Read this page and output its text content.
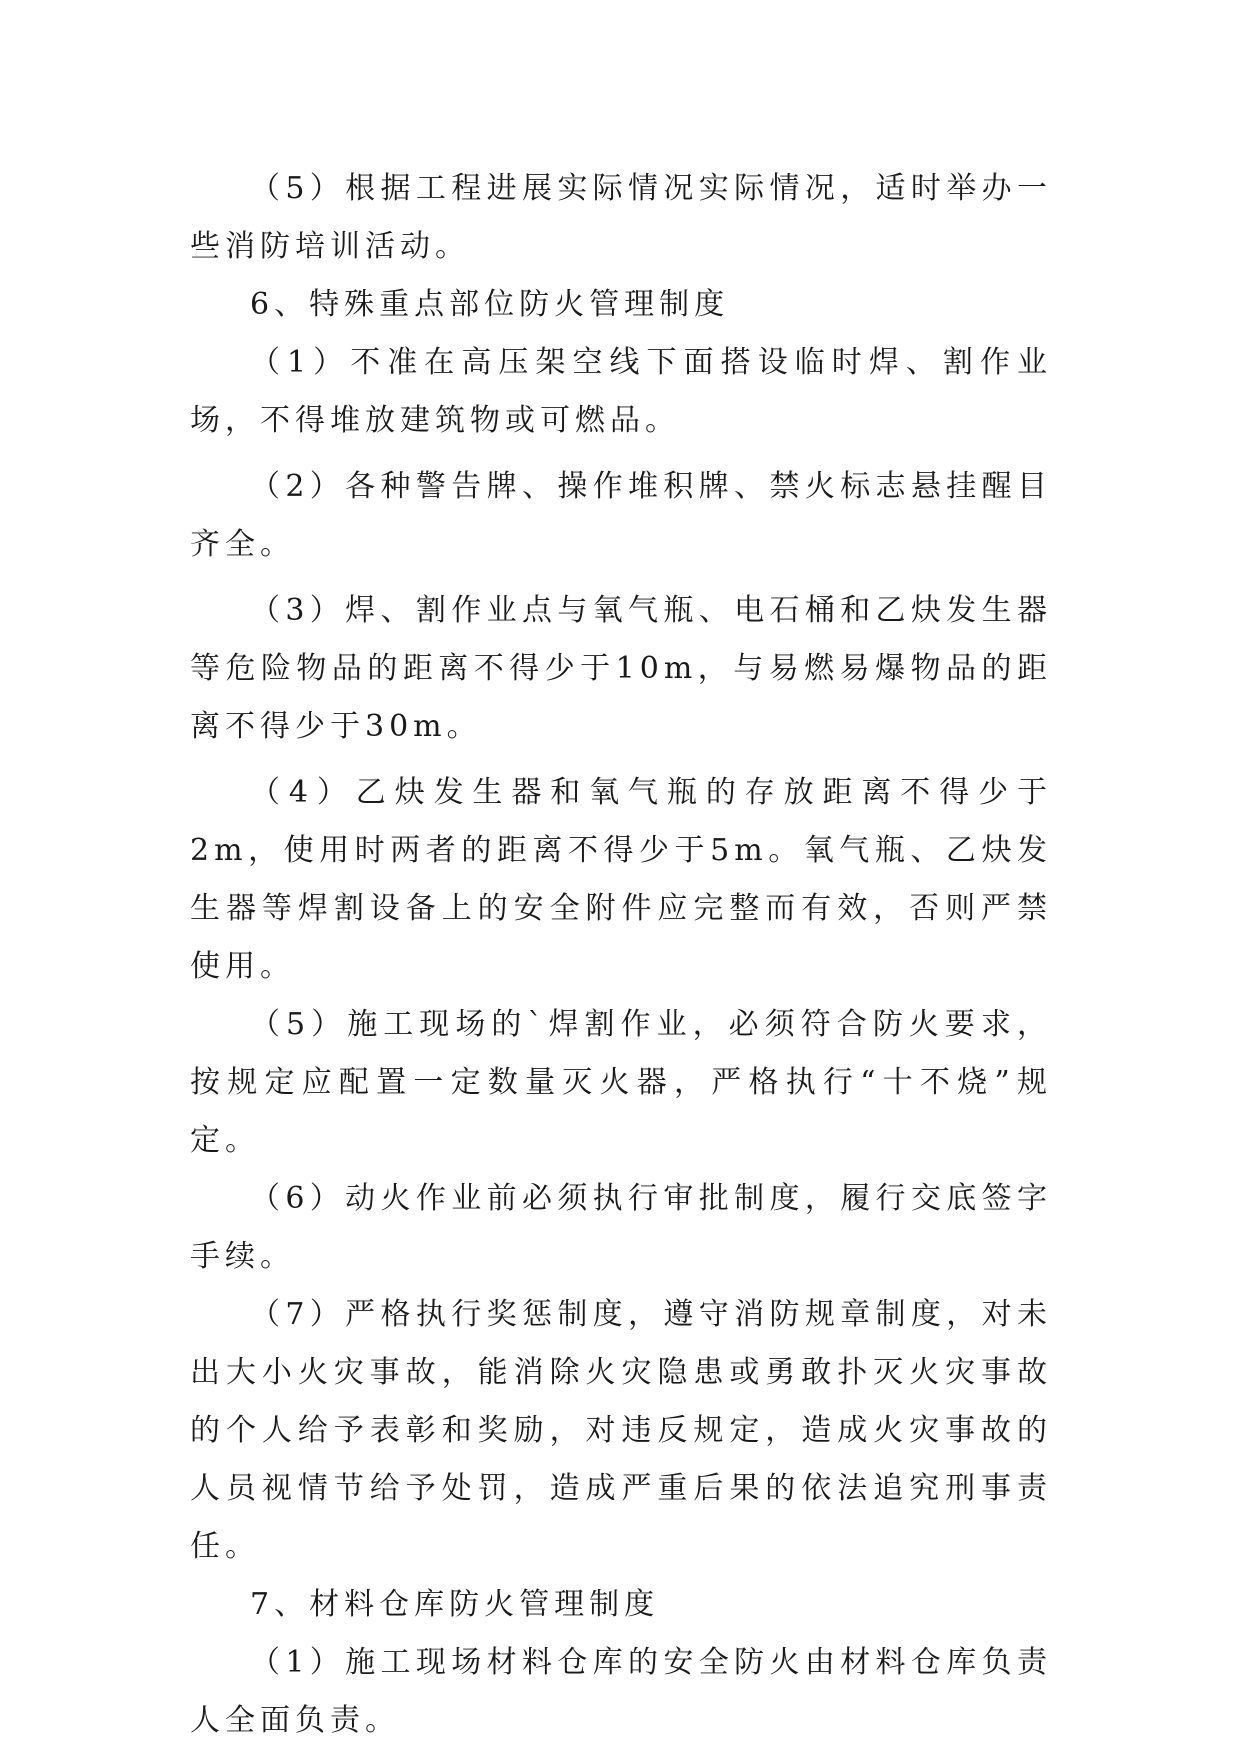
（5）根据工程进展实际情况实际情况，适时举办一些消防培训活动。

6、特殊重点部位防火管理制度

（1）不准在高压架空线下面搭设临时焊、割作业场，不得堆放建筑物或可燃品。

（2）各种警告牌、操作堆积牌、禁火标志悬挂醒目齐全。

（3）焊、割作业点与氧气瓶、电石桶和乙炔发生器等危险物品的距离不得少于10m，与易燃易爆物品的距离不得少于30m。

（4）乙炔发生器和氧气瓶的存放距离不得少于2m，使用时两者的距离不得少于5m。氧气瓶、乙炔发生器等焊割设备上的安全附件应完整而有效，否则严禁使用。

（5）施工现场的`焊割作业，必须符合防火要求，按规定应配置一定数量灭火器，严格执行“十不烧”规定。

（6）动火作业前必须执行审批制度，履行交底签字手续。

（7）严格执行奖惩制度，遵守消防规章制度，对未出大小火灾事故，能消除火灾隐患或勇敢扑灭火灾事故的个人给予表彰和奖励，对违反规定，造成火灾事故的人员视情节给予处罚，造成严重后果的依法追究刑事责任。

7、材料仓库防火管理制度

（1）施工现场材料仓库的安全防火由材料仓库负责人全面负责。
